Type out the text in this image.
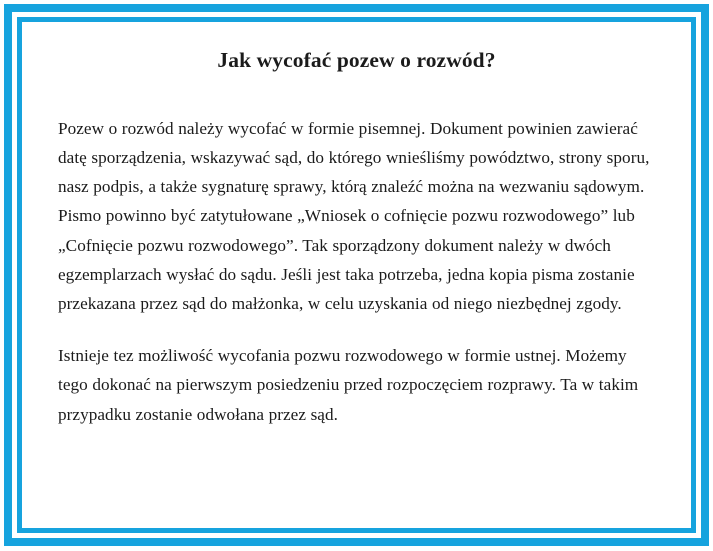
Jak wycofać pozew o rozwód?

Pozew o rozwód należy wycofać w formie pisemnej. Dokument powinien zawierać datę sporządzenia, wskazywać sąd, do którego wnieśliśmy powództwo, strony sporu, nasz podpis, a także sygnaturę sprawy, którą znaleźć można na wezwaniu sądowym. Pismo powinno być zatytułowane „Wniosek o cofnięcie pozwu rozwodowego” lub „Cofnięcie pozwu rozwodowego”. Tak sporządzony dokument należy w dwóch egzemplarzach wysłać do sądu. Jeśli jest taka potrzeba, jedna kopia pisma zostanie przekazana przez sąd do małżonka, w celu uzyskania od niego niezbędnej zgody.

Istnieje tez możliwość wycofania pozwu rozwodowego w formie ustnej. Możemy tego dokonać na pierwszym posiedzeniu przed rozpoczęciem rozprawy. Ta w takim przypadku zostanie odwołana przez sąd.
